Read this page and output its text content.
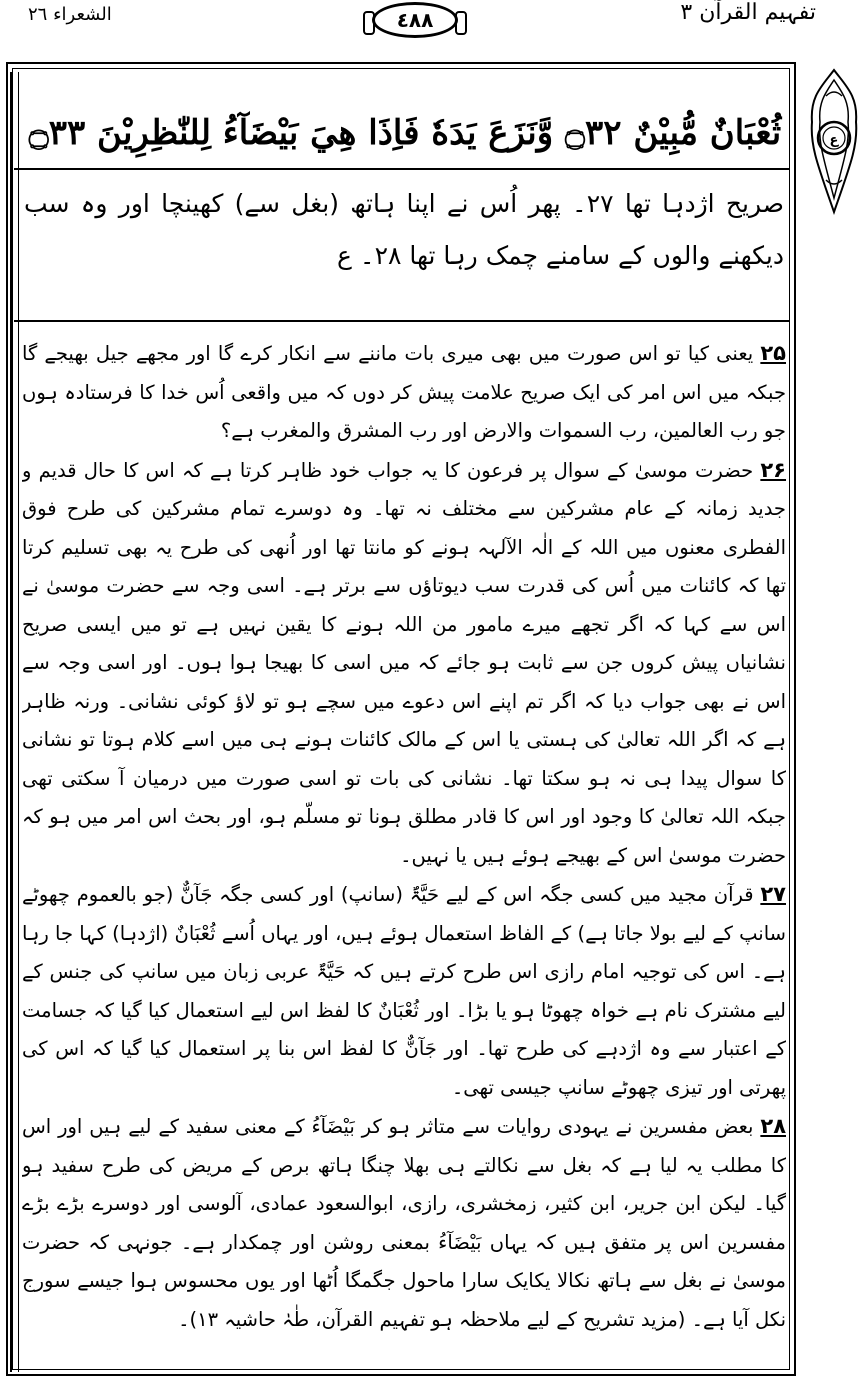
الشعراء ٢٦	٤٨٨	تفہیم القرآن ۳
ع
ثُعْبَانٌ مُّبِيْنٌ ۝٣٢ وَّنَزَعَ يَدَهٗ فَاِذَا هِيَ بَيْضَآءُ لِلنّٰظِرِيْنَ ۝٣٣
صریح اژدہا تھا ۲۷۔ پھر اُس نے اپنا ہاتھ (بغل سے) کھینچا اور وہ سب دیکھنے والوں کے سامنے چمک رہا تھا ۲۸۔ ع

۲۵ یعنی کیا تو اس صورت میں بھی میری بات ماننے سے انکار کرے گا اور مجھے جیل بھیجے گا جبکہ میں اس امر کی ایک صریح علامت پیش کر دوں کہ میں واقعی اُس خدا کا فرستادہ ہوں جو رب العالمین، رب السموات والارض اور رب المشرق والمغرب ہے؟

۲۶ حضرت موسیٰ کے سوال پر فرعون کا یہ جواب خود ظاہر کرتا ہے کہ اس کا حال قدیم و جدید زمانہ کے عام مشرکین سے مختلف نہ تھا۔ وہ دوسرے تمام مشرکین کی طرح فوق الفطری معنوں میں اللہ کے الٰہ الآلہہ ہونے کو مانتا تھا اور اُنھی کی طرح یہ بھی تسلیم کرتا تھا کہ کائنات میں اُس کی قدرت سب دیوتاؤں سے برتر ہے۔ اسی وجہ سے حضرت موسیٰ نے اس سے کہا کہ اگر تجھے میرے مامور من اللہ ہونے کا یقین نہیں ہے تو میں ایسی صریح نشانیاں پیش کروں جن سے ثابت ہو جائے کہ میں اسی کا بھیجا ہوا ہوں۔ اور اسی وجہ سے اس نے بھی جواب دیا کہ اگر تم اپنے اس دعوے میں سچے ہو تو لاؤ کوئی نشانی۔ ورنہ ظاہر ہے کہ اگر اللہ تعالیٰ کی ہستی یا اس کے مالک کائنات ہونے ہی میں اسے کلام ہوتا تو نشانی کا سوال پیدا ہی نہ ہو سکتا تھا۔ نشانی کی بات تو اسی صورت میں درمیان آ سکتی تھی جبکہ اللہ تعالیٰ کا وجود اور اس کا قادر مطلق ہونا تو مسلّم ہو، اور بحث اس امر میں ہو کہ حضرت موسیٰ اس کے بھیجے ہوئے ہیں یا نہیں۔

۲۷ قرآن مجید میں کسی جگہ اس کے لیے حَیَّۃٌ (سانپ) اور کسی جگہ جَآنٌّ (جو بالعموم چھوٹے سانپ کے لیے بولا جاتا ہے) کے الفاظ استعمال ہوئے ہیں، اور یہاں اُسے ثُعْبَانٌ (اژدہا) کہا جا رہا ہے۔ اس کی توجیہ امام رازی اس طرح کرتے ہیں کہ حَیَّۃٌ عربی زبان میں سانپ کی جنس کے لیے مشترک نام ہے خواہ چھوٹا ہو یا بڑا۔ اور ثُعْبَانٌ کا لفظ اس لیے استعمال کیا گیا کہ جسامت کے اعتبار سے وہ اژدہے کی طرح تھا۔ اور جَآنٌّ کا لفظ اس بنا پر استعمال کیا گیا کہ اس کی پھرتی اور تیزی چھوٹے سانپ جیسی تھی۔

۲۸ بعض مفسرین نے یہودی روایات سے متاثر ہو کر بَیْضَآءُ کے معنی سفید کے لیے ہیں اور اس کا مطلب یہ لیا ہے کہ بغل سے نکالتے ہی بھلا چنگا ہاتھ برص کے مریض کی طرح سفید ہو گیا۔ لیکن ابن جریر، ابن کثیر، زمخشری، رازی، ابوالسعود عمادی، آلوسی اور دوسرے بڑے بڑے مفسرین اس پر متفق ہیں کہ یہاں بَیْضَآءُ بمعنی روشن اور چمکدار ہے۔ جونہی کہ حضرت موسیٰ نے بغل سے ہاتھ نکالا یکایک سارا ماحول جگمگا اُٹھا اور یوں محسوس ہوا جیسے سورج نکل آیا ہے۔ (مزید تشریح کے لیے ملاحظہ ہو تفہیم القرآن، طٰہٰ حاشیہ ۱۳)۔
